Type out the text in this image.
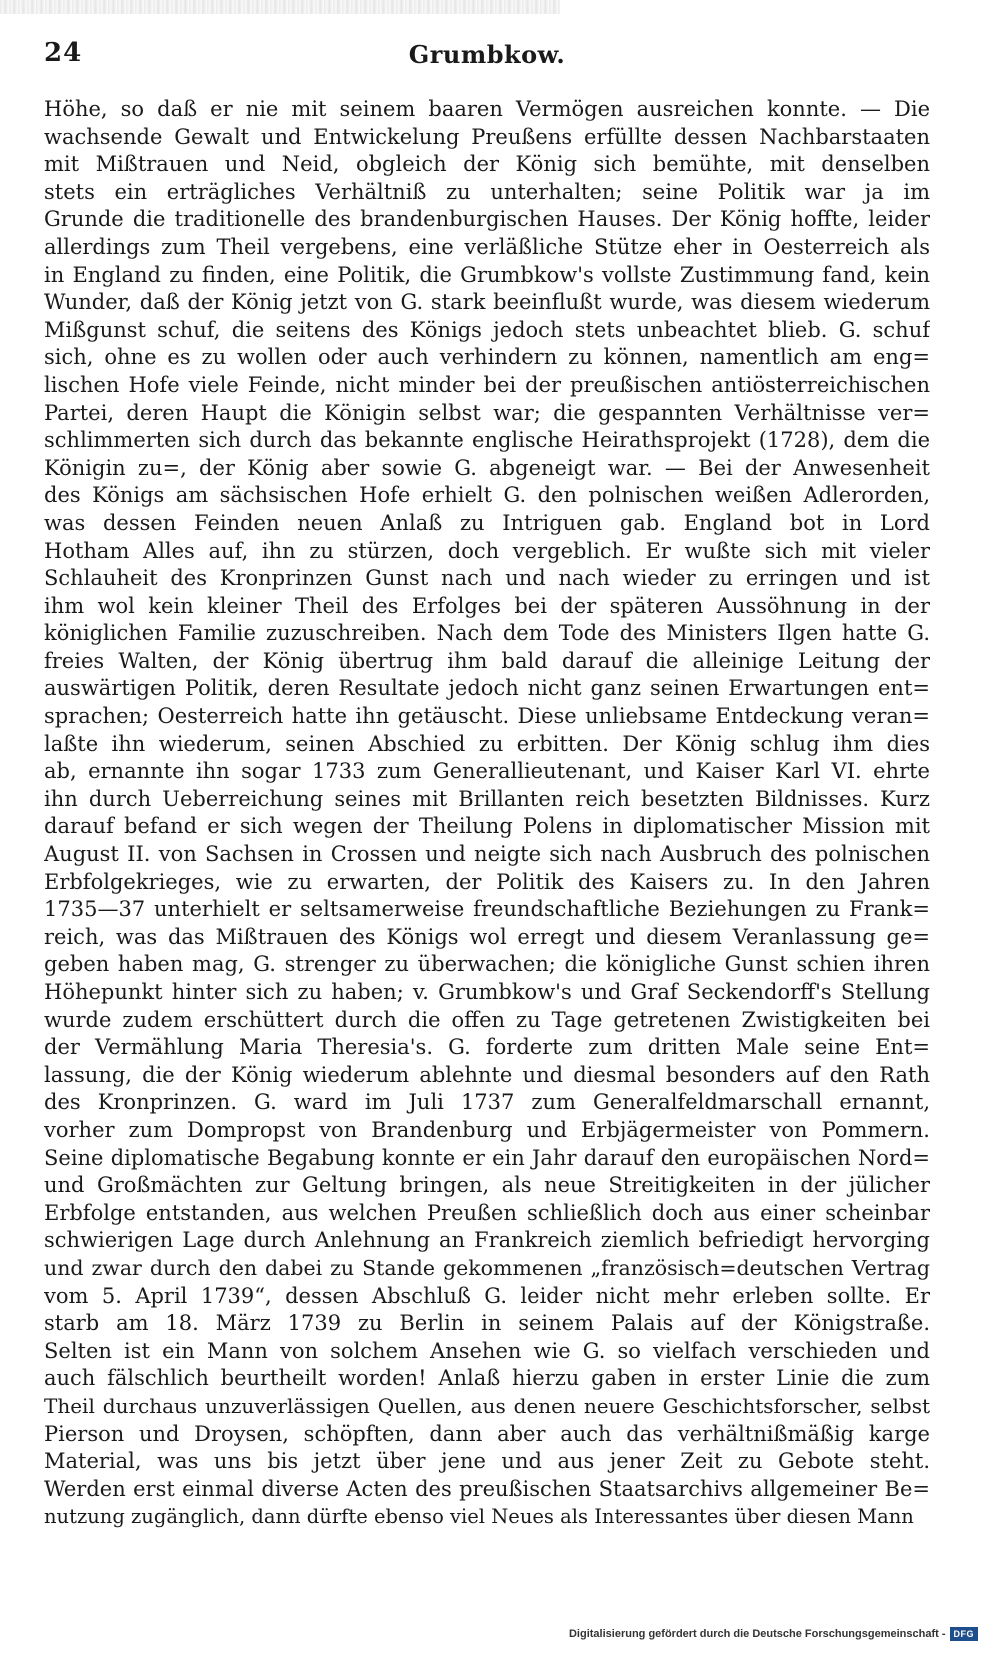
24	Grumbkow.
Höhe, so daß er nie mit seinem baaren Vermögen ausreichen konnte. — Die
wachsende Gewalt und Entwickelung Preußens erfüllte dessen Nachbarstaaten
mit Mißtrauen und Neid, obgleich der König sich bemühte, mit denselben
stets ein erträgliches Verhältniß zu unterhalten; seine Politik war ja im
Grunde die traditionelle des brandenburgischen Hauses. Der König hoffte, leider
allerdings zum Theil vergebens, eine verläßliche Stütze eher in Oesterreich als
in England zu finden, eine Politik, die Grumbkow's vollste Zustimmung fand, kein
Wunder, daß der König jetzt von G. stark beeinflußt wurde, was diesem wiederum
Mißgunst schuf, die seitens des Königs jedoch stets unbeachtet blieb. G. schuf
sich, ohne es zu wollen oder auch verhindern zu können, namentlich am eng=
lischen Hofe viele Feinde, nicht minder bei der preußischen antiösterreichischen
Partei, deren Haupt die Königin selbst war; die gespannten Verhältnisse ver=
schlimmerten sich durch das bekannte englische Heirathsprojekt (1728), dem die
Königin zu=, der König aber sowie G. abgeneigt war. — Bei der Anwesenheit
des Königs am sächsischen Hofe erhielt G. den polnischen weißen Adlerorden,
was dessen Feinden neuen Anlaß zu Intriguen gab. England bot in Lord
Hotham Alles auf, ihn zu stürzen, doch vergeblich. Er wußte sich mit vieler
Schlauheit des Kronprinzen Gunst nach und nach wieder zu erringen und ist
ihm wol kein kleiner Theil des Erfolges bei der späteren Aussöhnung in der
königlichen Familie zuzuschreiben. Nach dem Tode des Ministers Ilgen hatte G.
freies Walten, der König übertrug ihm bald darauf die alleinige Leitung der
auswärtigen Politik, deren Resultate jedoch nicht ganz seinen Erwartungen ent=
sprachen; Oesterreich hatte ihn getäuscht. Diese unliebsame Entdeckung veran=
laßte ihn wiederum, seinen Abschied zu erbitten. Der König schlug ihm dies
ab, ernannte ihn sogar 1733 zum Generallieutenant, und Kaiser Karl VI. ehrte
ihn durch Ueberreichung seines mit Brillanten reich besetzten Bildnisses. Kurz
darauf befand er sich wegen der Theilung Polens in diplomatischer Mission mit
August II. von Sachsen in Crossen und neigte sich nach Ausbruch des polnischen
Erbfolgekrieges, wie zu erwarten, der Politik des Kaisers zu. In den Jahren
1735—37 unterhielt er seltsamerweise freundschaftliche Beziehungen zu Frank=
reich, was das Mißtrauen des Königs wol erregt und diesem Veranlassung ge=
geben haben mag, G. strenger zu überwachen; die königliche Gunst schien ihren
Höhepunkt hinter sich zu haben; v. Grumbkow's und Graf Seckendorff's Stellung
wurde zudem erschüttert durch die offen zu Tage getretenen Zwistigkeiten bei
der Vermählung Maria Theresia's. G. forderte zum dritten Male seine Ent=
lassung, die der König wiederum ablehnte und diesmal besonders auf den Rath
des Kronprinzen. G. ward im Juli 1737 zum Generalfeldmarschall ernannt,
vorher zum Dompropst von Brandenburg und Erbjägermeister von Pommern.
Seine diplomatische Begabung konnte er ein Jahr darauf den europäischen Nord=
und Großmächten zur Geltung bringen, als neue Streitigkeiten in der jülicher
Erbfolge entstanden, aus welchen Preußen schließlich doch aus einer scheinbar
schwierigen Lage durch Anlehnung an Frankreich ziemlich befriedigt hervorging
und zwar durch den dabei zu Stande gekommenen „französisch=deutschen Vertrag
vom 5. April 1739“, dessen Abschluß G. leider nicht mehr erleben sollte. Er
starb am 18. März 1739 zu Berlin in seinem Palais auf der Königstraße.
Selten ist ein Mann von solchem Ansehen wie G. so vielfach verschieden und
auch fälschlich beurtheilt worden! Anlaß hierzu gaben in erster Linie die zum
Theil durchaus unzuverlässigen Quellen, aus denen neuere Geschichtsforscher, selbst
Pierson und Droysen, schöpften, dann aber auch das verhältnißmäßig karge
Material, was uns bis jetzt über jene und aus jener Zeit zu Gebote steht.
Werden erst einmal diverse Acten des preußischen Staatsarchivs allgemeiner Be=
nutzung zugänglich, dann dürfte ebenso viel Neues als Interessantes über diesen Mann
Digitalisierung gefördert durch die Deutsche Forschungsgemeinschaft - DFG
